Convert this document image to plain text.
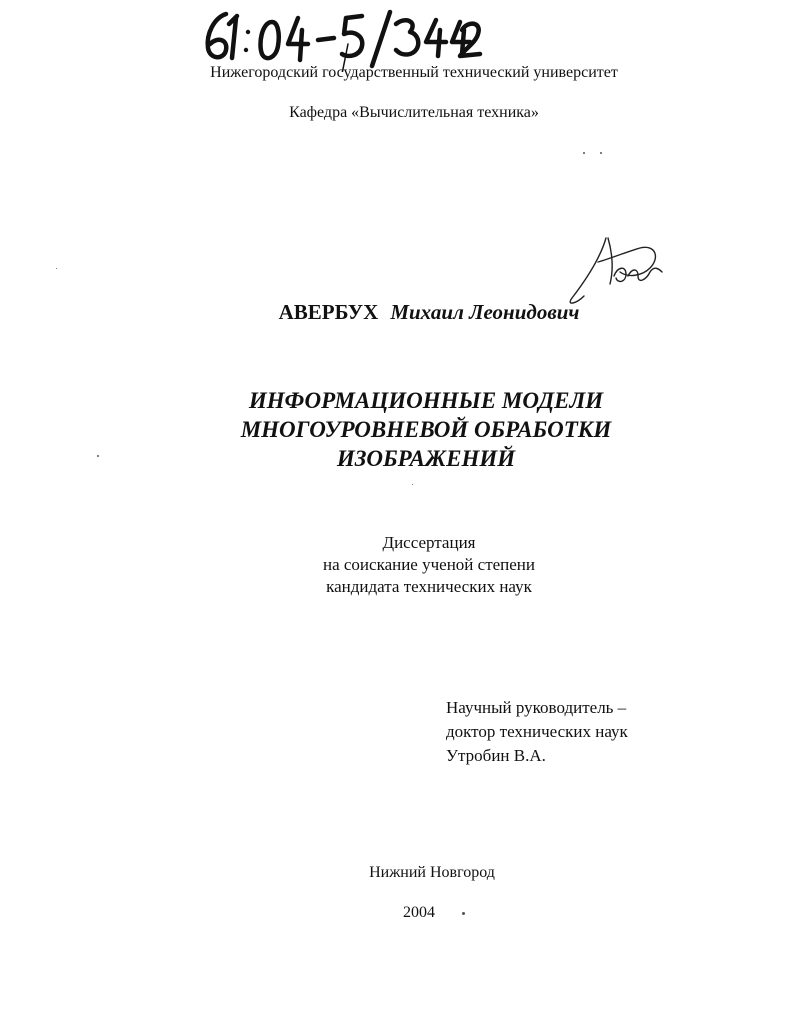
Нижегородский государственный технический университет
Кафедра «Вычислительная техника»
АВЕРБУХ Михаил Леонидович
ИНФОРМАЦИОННЫЕ МОДЕЛИ
МНОГОУРОВНЕВОЙ ОБРАБОТКИ
ИЗОБРАЖЕНИЙ
Диссертация
на соискание ученой степени
кандидата технических наук
Научный руководитель –
доктор технических наук
Утробин В.А.
Нижний Новгород
2004
